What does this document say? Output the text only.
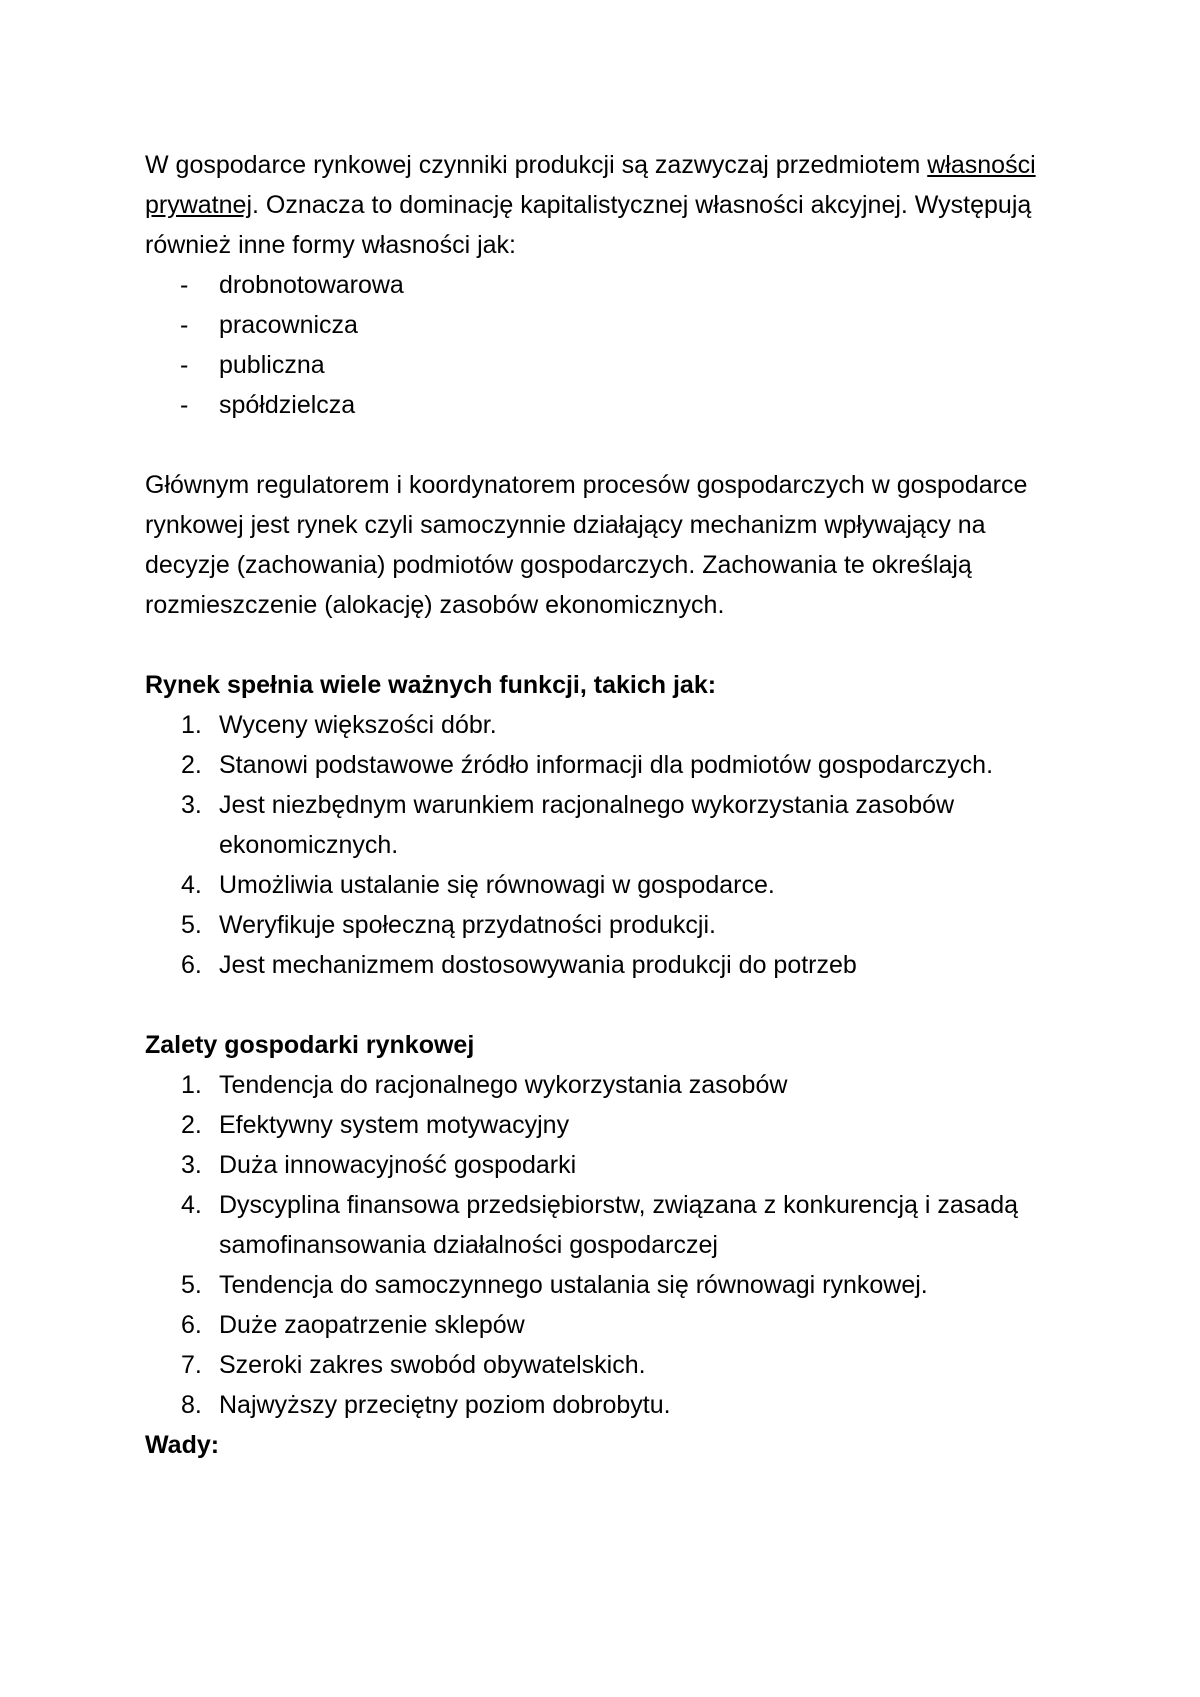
W gospodarce rynkowej czynniki produkcji są zazwyczaj przedmiotem własności prywatnej. Oznacza to dominację kapitalistycznej własności akcyjnej. Występują również inne formy własności jak:

- drobnotowarowa
- pracownicza
- publiczna
- spółdzielcza

Głównym regulatorem i koordynatorem procesów gospodarczych w gospodarce rynkowej jest rynek czyli samoczynnie działający mechanizm wpływający na decyzje (zachowania) podmiotów gospodarczych. Zachowania te określają rozmieszczenie (alokację) zasobów ekonomicznych.

Rynek spełnia wiele ważnych funkcji, takich jak:

1. Wyceny większości dóbr.
2. Stanowi podstawowe źródło informacji dla podmiotów gospodarczych.
3. Jest niezbędnym warunkiem racjonalnego wykorzystania zasobów ekonomicznych.
4. Umożliwia ustalanie się równowagi w gospodarce.
5. Weryfikuje społeczną przydatności produkcji.
6. Jest mechanizmem dostosowywania produkcji do potrzeb

Zalety gospodarki rynkowej

1. Tendencja do racjonalnego wykorzystania zasobów
2. Efektywny system motywacyjny
3. Duża innowacyjność gospodarki
4. Dyscyplina finansowa przedsiębiorstw, związana z konkurencją i zasadą samofinansowania działalności gospodarczej
5. Tendencja do samoczynnego ustalania się równowagi rynkowej.
6. Duże zaopatrzenie sklepów
7. Szeroki zakres swobód obywatelskich.
8. Najwyższy przeciętny poziom dobrobytu.

Wady:
